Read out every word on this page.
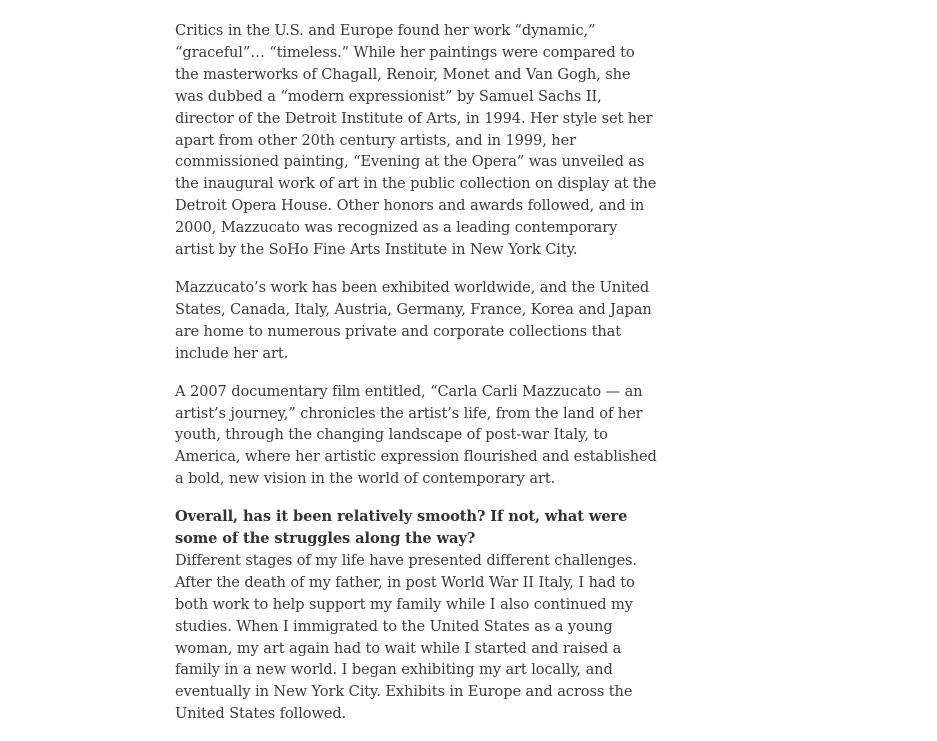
Critics in the U.S. and Europe found her work “dynamic,” “graceful”… “timeless.” While her paintings were compared to the masterworks of Chagall, Renoir, Monet and Van Gogh, she was dubbed a “modern expressionist” by Samuel Sachs II, director of the Detroit Institute of Arts, in 1994. Her style set her apart from other 20th century artists, and in 1999, her commissioned painting, “Evening at the Opera” was unveiled as the inaugural work of art in the public collection on display at the Detroit Opera House. Other honors and awards followed, and in 2000, Mazzucato was recognized as a leading contemporary artist by the SoHo Fine Arts Institute in New York City.

Mazzucato’s work has been exhibited worldwide, and the United States, Canada, Italy, Austria, Germany, France, Korea and Japan are home to numerous private and corporate collections that include her art.

A 2007 documentary film entitled, “Carla Carli Mazzucato — an artist’s journey,” chronicles the artist’s life, from the land of her youth, through the changing landscape of post-war Italy, to America, where her artistic expression flourished and established a bold, new vision in the world of contemporary art.

Overall, has it been relatively smooth? If not, what were some of the struggles along the way?
Different stages of my life have presented different challenges. After the death of my father, in post World War II Italy, I had to both work to help support my family while I also continued my studies. When I immigrated to the United States as a young woman, my art again had to wait while I started and raised a family in a new world. I began exhibiting my art locally, and eventually in New York City. Exhibits in Europe and across the United States followed.
